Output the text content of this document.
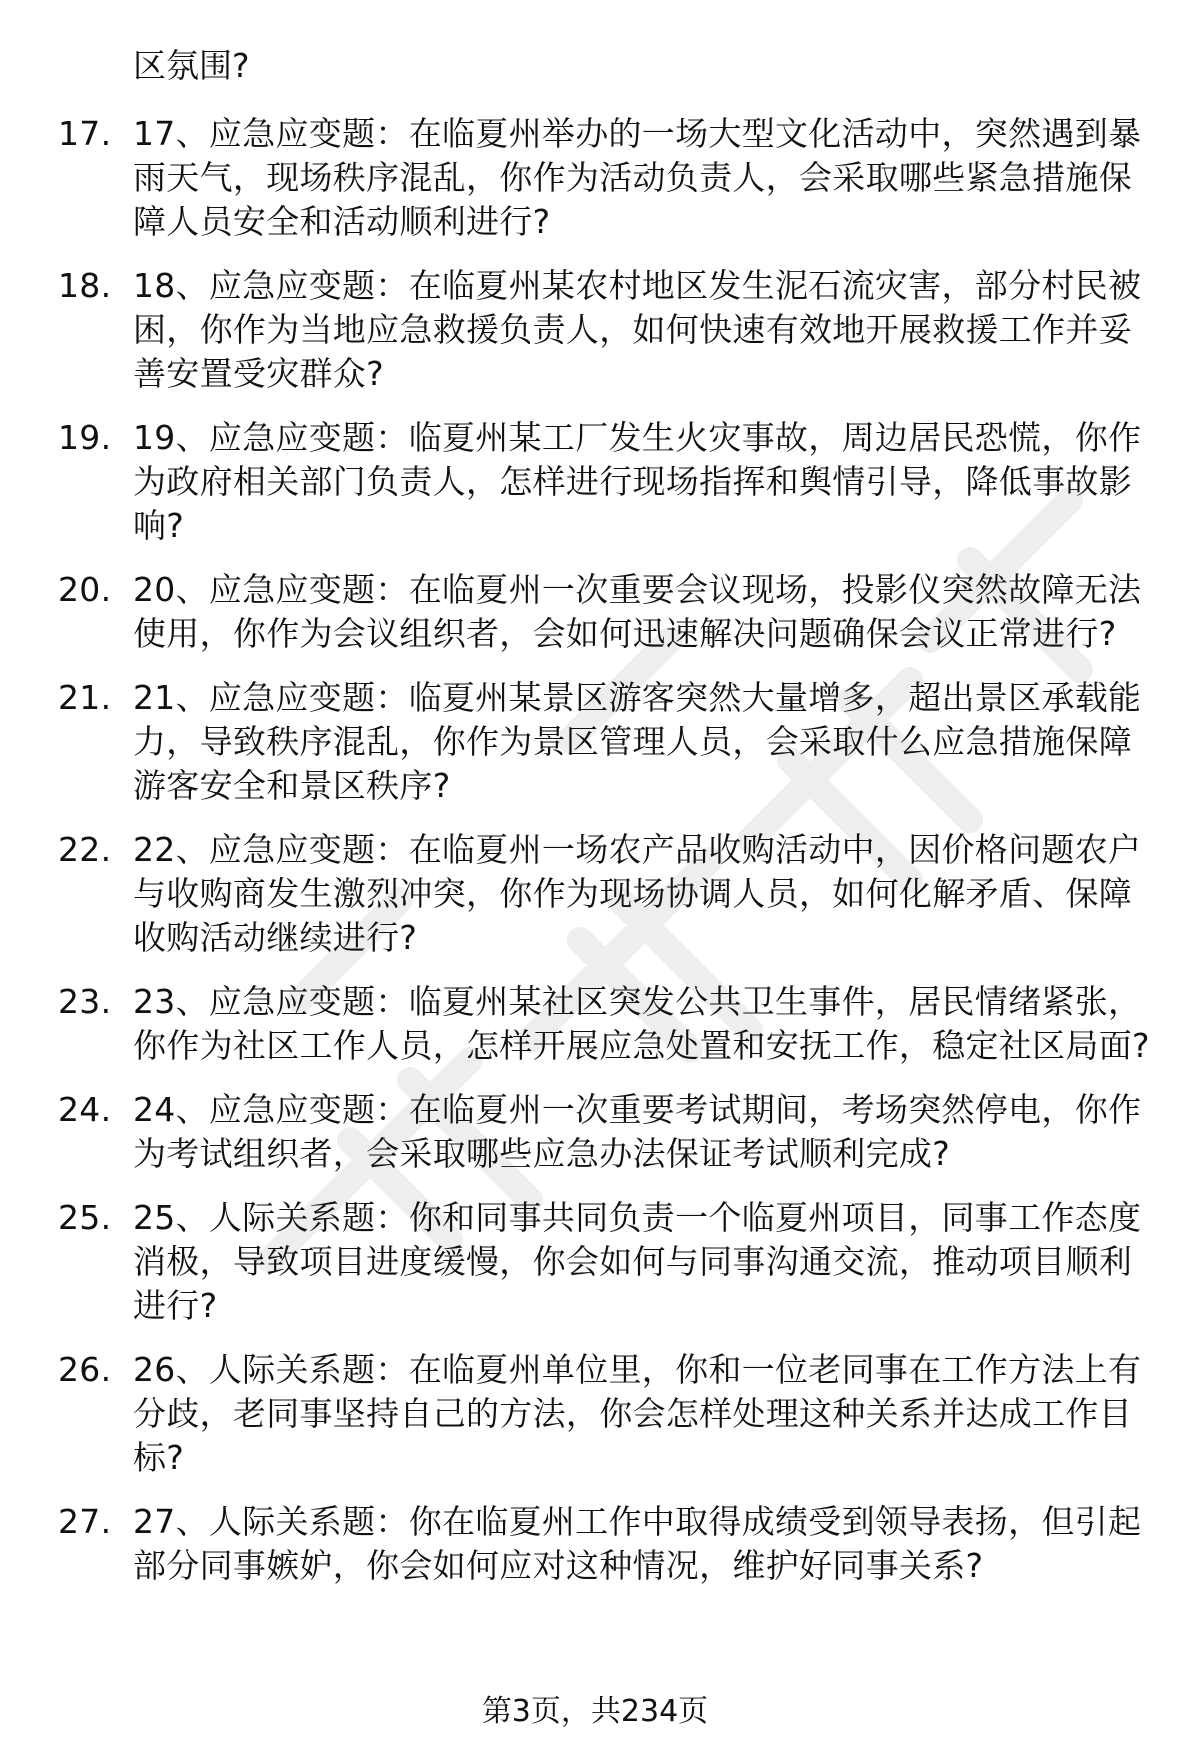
区氛围?

17. 17、应急应变题：在临夏州举办的一场大型文化活动中，突然遇到暴雨天气，现场秩序混乱，你作为活动负责人，会采取哪些紧急措施保障人员安全和活动顺利进行?
18. 18、应急应变题：在临夏州某农村地区发生泥石流灾害，部分村民被困，你作为当地应急救援负责人，如何快速有效地开展救援工作并妥善安置受灾群众?
19. 19、应急应变题：临夏州某工厂发生火灾事故，周边居民恐慌，你作为政府相关部门负责人，怎样进行现场指挥和舆情引导，降低事故影响?
20. 20、应急应变题：在临夏州一次重要会议现场，投影仪突然故障无法使用，你作为会议组织者，会如何迅速解决问题确保会议正常进行?
21. 21、应急应变题：临夏州某景区游客突然大量增多，超出景区承载能力，导致秩序混乱，你作为景区管理人员，会采取什么应急措施保障游客安全和景区秩序?
22. 22、应急应变题：在临夏州一场农产品收购活动中，因价格问题农户与收购商发生激烈冲突，你作为现场协调人员，如何化解矛盾、保障收购活动继续进行?
23. 23、应急应变题：临夏州某社区突发公共卫生事件，居民情绪紧张，你作为社区工作人员，怎样开展应急处置和安抚工作，稳定社区局面?
24. 24、应急应变题：在临夏州一次重要考试期间，考场突然停电，你作为考试组织者，会采取哪些应急办法保证考试顺利完成?
25. 25、人际关系题：你和同事共同负责一个临夏州项目，同事工作态度消极，导致项目进度缓慢，你会如何与同事沟通交流，推动项目顺利进行?
26. 26、人际关系题：在临夏州单位里，你和一位老同事在工作方法上有分歧，老同事坚持自己的方法，你会怎样处理这种关系并达成工作目标?
27. 27、人际关系题：你在临夏州工作中取得成绩受到领导表扬，但引起部分同事嫉妒，你会如何应对这种情况，维护好同事关系?
第3页，共234页
